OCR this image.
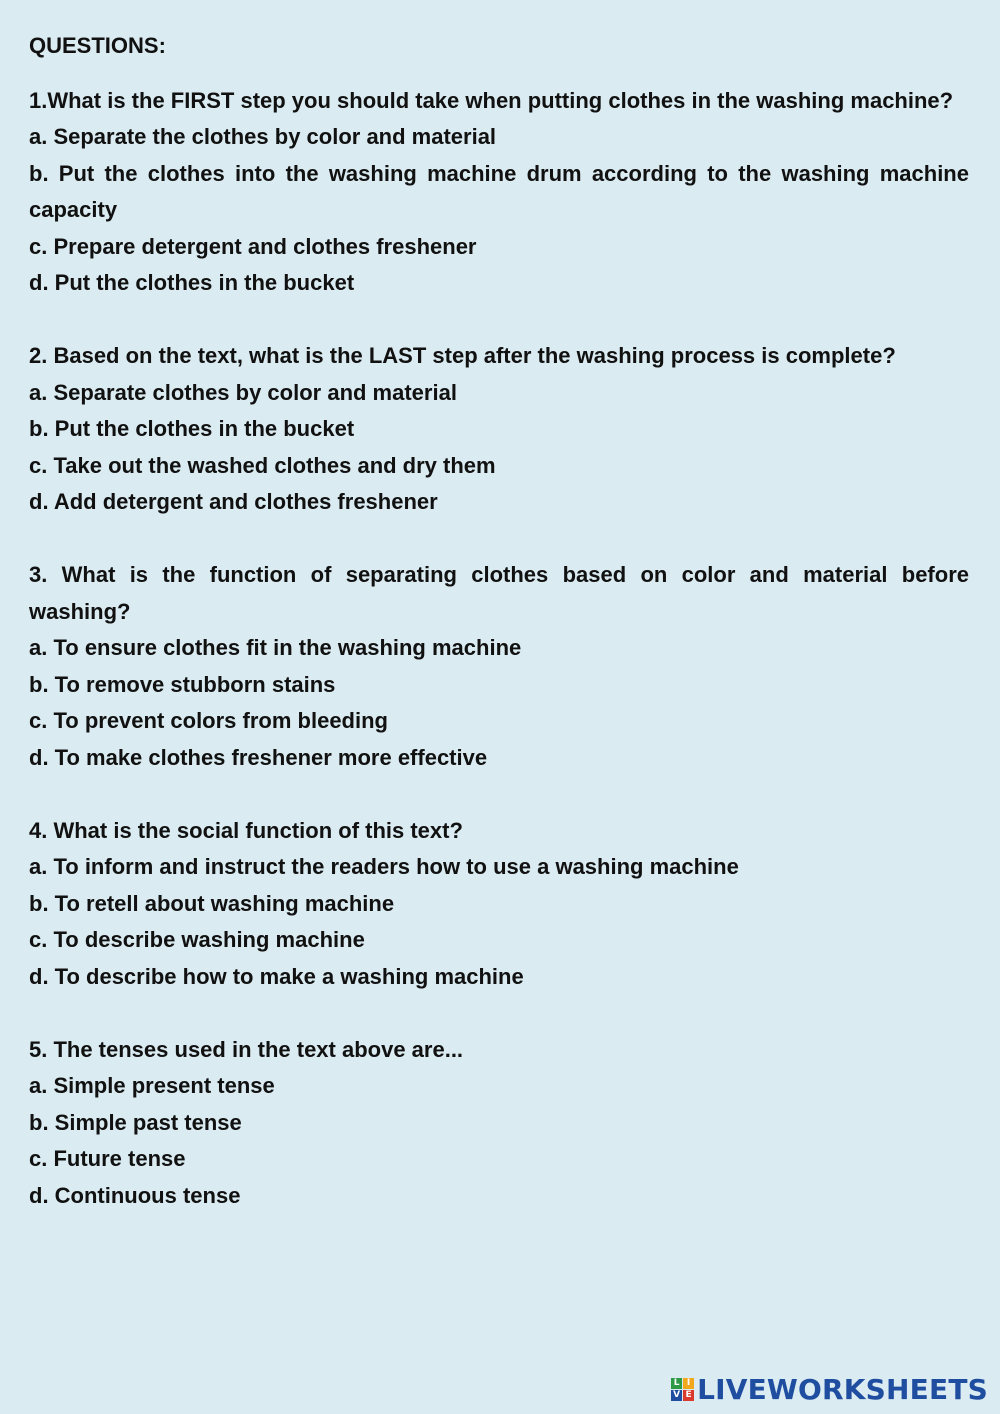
QUESTIONS:

1.What is the FIRST step you should take when putting clothes in the washing machine?

a. Separate the clothes by color and material

b. Put the clothes into the washing machine drum according to the washing machine capacity

c. Prepare detergent and clothes freshener

d. Put the clothes in the bucket

2. Based on the text, what is the LAST step after the washing process is complete?

a. Separate clothes by color and material

b. Put the clothes in the bucket

c. Take out the washed clothes and dry them

d. Add detergent and clothes freshener

3. What is the function of separating clothes based on color and material before washing?

a. To ensure clothes fit in the washing machine

b. To remove stubborn stains

c. To prevent colors from bleeding

d. To make clothes freshener more effective

4. What is the social function of this text?

a. To inform and instruct the readers how to use a washing machine

b. To retell about washing machine

c. To describe washing machine

d. To describe how to make a washing machine

5. The tenses used in the text above are...

a. Simple present tense

b. Simple past tense

c. Future tense

d. Continuous tense

L I
V E LIVEWORKSHEETS
